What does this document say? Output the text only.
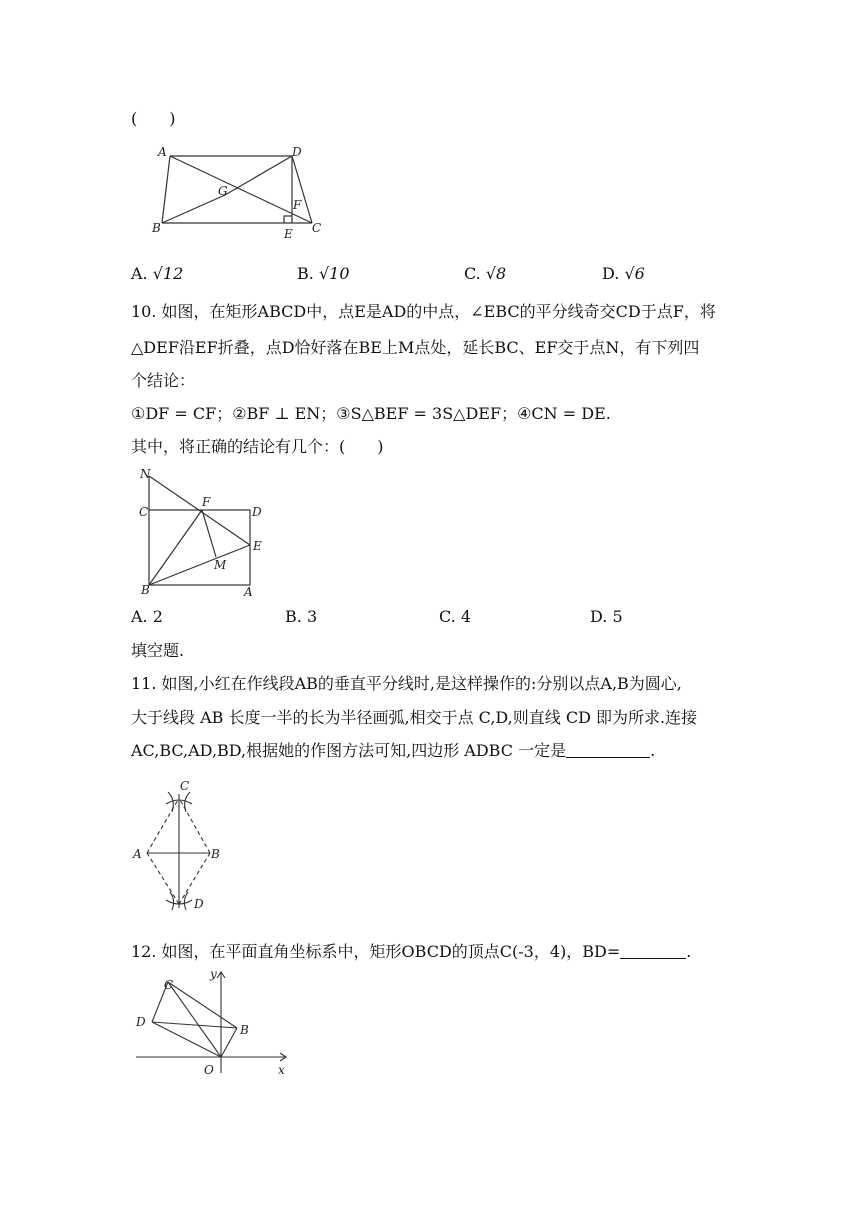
(　　)
A	D
G
F
B	E C
A. √12	B. √10	C. √8	D. √6
10. 如图，在矩形ABCD中，点E是AD的中点，∠EBC的平分线奇交CD于点F，将
△DEF沿EF折叠，点D恰好落在BE上M点处，延长BC、EF交于点N，有下列四
个结论：
①DF = CF；②BF ⊥ EN；③S△BEF = 3S△DEF；④CN = DE.
其中，将正确的结论有几个：(　　)
N
F
C	D
E
M
B	A
A. 2	B. 3	C. 4	D. 5
填空题.
11. 如图,小红在作线段AB的垂直平分线时,是这样操作的:分别以点A,B为圆心,
大于线段 AB 长度一半的长为半径画弧,相交于点 C,D,则直线 CD 即为所求.连接
AC,BC,AD,BD,根据她的作图方法可知,四边形 ADBC 一定是	.
C
A	B
D
12. 如图，在平面直角坐标系中，矩形OBCD的顶点C(-3，4)，BD=	.
y
C
D
B
O	x
